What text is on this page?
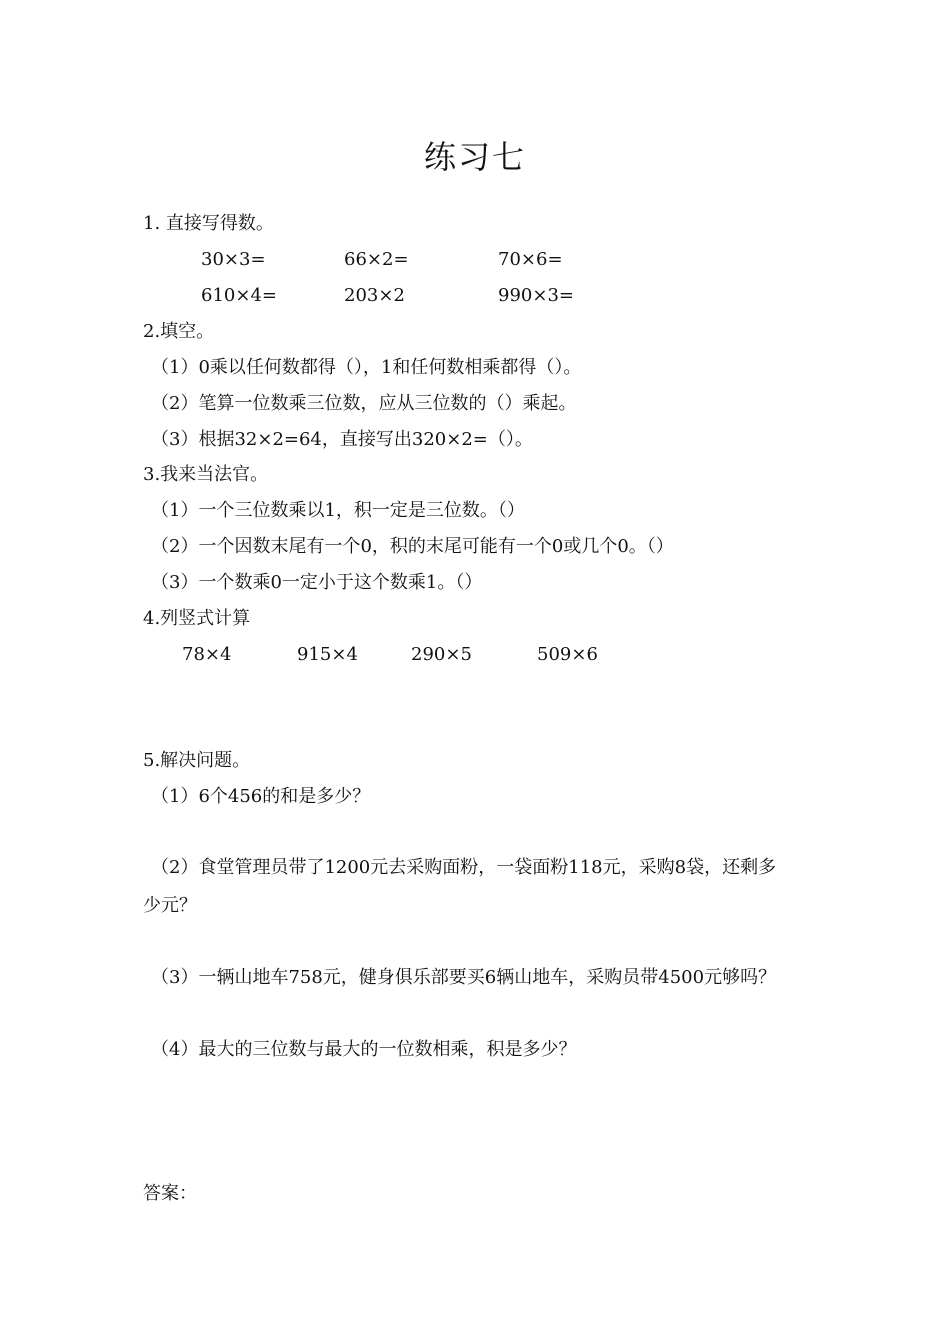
练习七
1. 直接写得数。
30×3=	66×2=	70×6=
610×4=	203×2	990×3=
2.填空。
（1）0乘以任何数都得（），1和任何数相乘都得（）。
（2）笔算一位数乘三位数，应从三位数的（）乘起。
（3）根据32×2=64，直接写出320×2=（）。
3.我来当法官。
（1）一个三位数乘以1，积一定是三位数。（）
（2）一个因数末尾有一个0，积的末尾可能有一个0或几个0。（）
（3）一个数乘0一定小于这个数乘1。（）
4.列竖式计算
78×4	915×4	290×5	509×6
5.解决问题。
（1）6个456的和是多少？
（2）食堂管理员带了1200元去采购面粉，一袋面粉118元，采购8袋，还剩多
少元？
（3）一辆山地车758元，健身俱乐部要买6辆山地车，采购员带4500元够吗？
（4）最大的三位数与最大的一位数相乘，积是多少？
答案：
